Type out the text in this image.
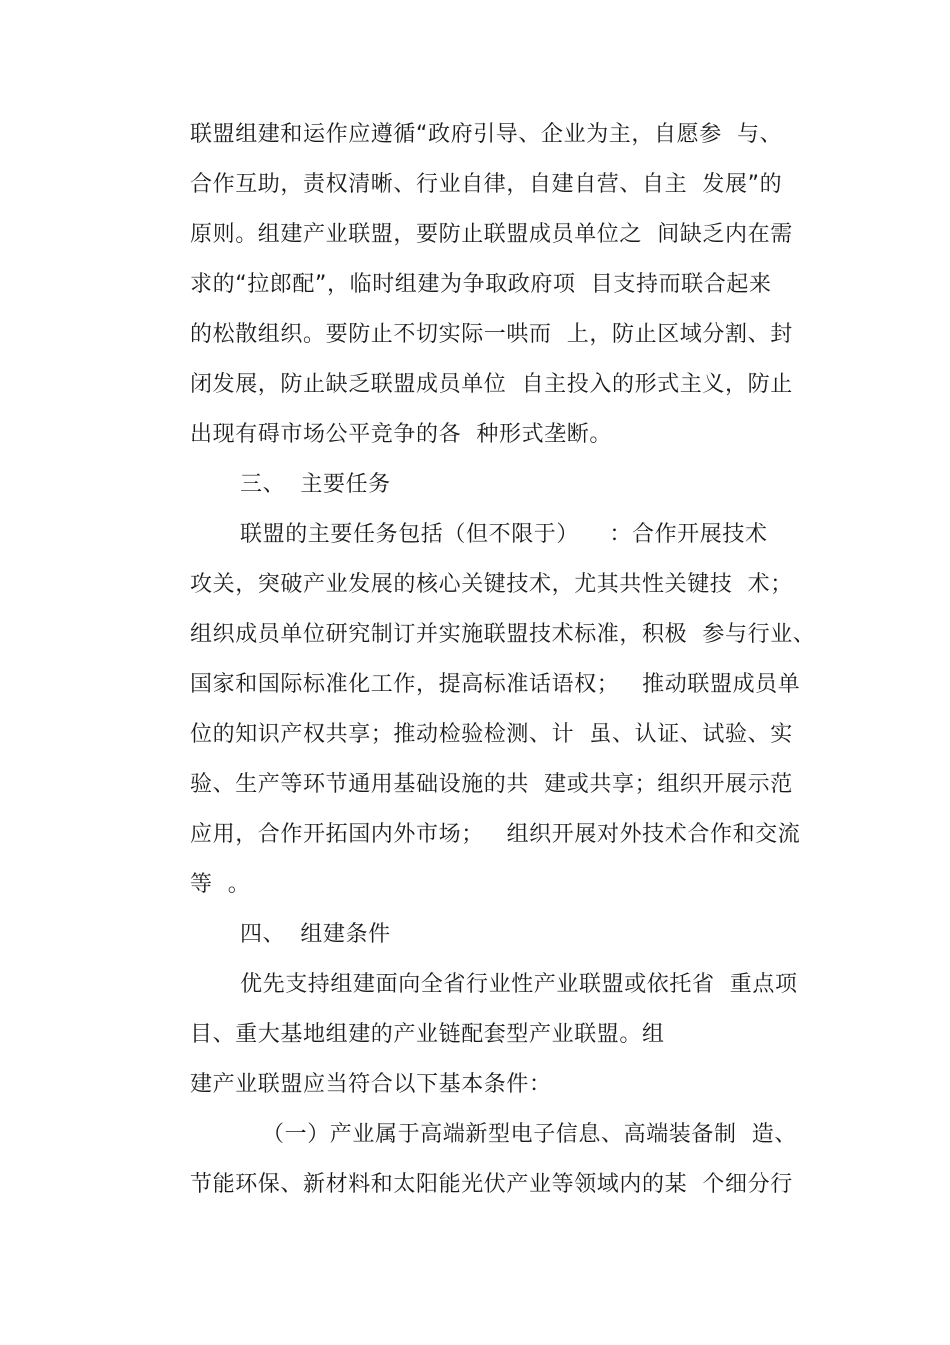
联盟组建和运作应遵循“政府引导、企业为主，自愿参  与、
合作互助，责权清晰、行业自律，自建自营、自主  发展”的
原则。组建产业联盟，要防止联盟成员单位之  间缺乏内在需
求的“拉郎配”，临时组建为争取政府项  目支持而联合起来
的松散组织。要防止不切实际一哄而  上，防止区域分割、封
闭发展，防止缺乏联盟成员单位  自主投入的形式主义，防止
出现有碍市场公平竞争的各  种形式垄断。
三、  主要任务
联盟的主要任务包括（但不限于）    ：合作开展技术
攻关，突破产业发展的核心关键技术，尤其共性关键技  术；
组织成员单位研究制订并实施联盟技术标准，积极  参与行业、
国家和国际标准化工作，提高标准话语权；   推动联盟成员单
位的知识产权共享；推动检验检测、计  虽、认证、试验、实
验、生产等环节通用基础设施的共  建或共享；组织开展示范
应用，合作开拓国内外市场；   组织开展对外技术合作和交流
等  。
四、  组建条件
优先支持组建面向全省行业性产业联盟或依托省  重点项
目、重大基地组建的产业链配套型产业联盟。组
建产业联盟应当符合以下基本条件：
（一）产业属于高端新型电子信息、高端装备制  造、
节能环保、新材料和太阳能光伏产业等领域内的某  个细分行
